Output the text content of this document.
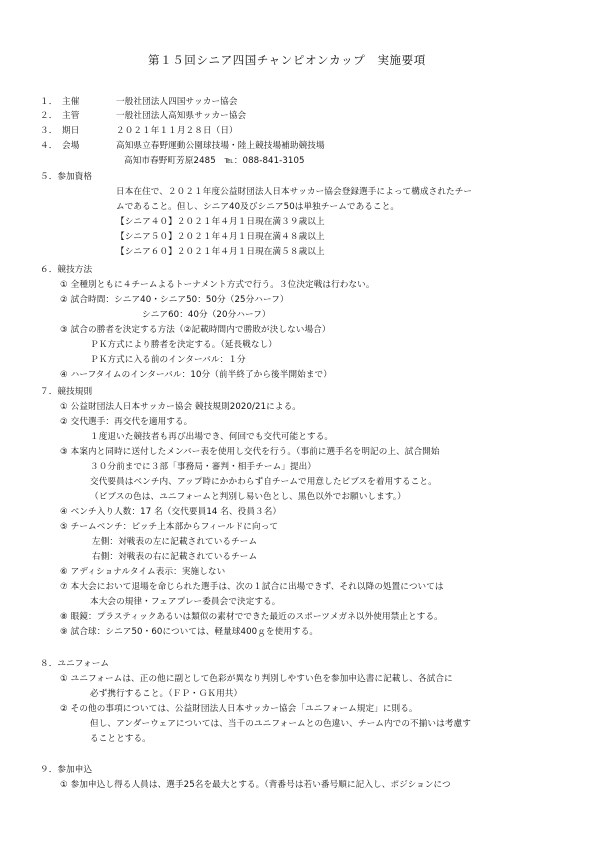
第１５回シニア四国チャンピオンカップ　実施要項
１． 主催	一般社団法人四国サッカー協会
２． 主管	一般社団法人高知県サッカー協会
３． 期日	２０２１年１１月２８日（日）
４． 会場	高知県立春野運動公園球技場・陸上競技場補助競技場
高知市春野町芳原2485　℡：088-841-3105
５．参加資格
日本在住で、２０２１年度公益財団法人日本サッカー協会登録選手によって構成されたチー
ムであること。但し、シニア40及びシニア50は単独チームであること。
【シニア４０】２０２１年４月１日現在満３９歳以上
【シニア５０】２０２１年４月１日現在満４８歳以上
【シニア６０】２０２１年４月１日現在満５８歳以上
６．競技方法
① 全種別ともに４チームよるトーナメント方式で行う。３位決定戦は行わない。
② 試合時間：シニア40・シニア50：50分（25分ハーフ）
シニア60：40分（20分ハーフ）
③ 試合の勝者を決定する方法（②記載時間内で勝敗が決しない場合）
ＰＫ方式により勝者を決定する。（延長戦なし）
ＰＫ方式に入る前のインターバル：１分
④ ハーフタイムのインターバル：10分（前半終了から後半開始まで）
７．競技規則
① 公益財団法人日本サッカー協会 競技規則2020/21による。
② 交代選手：再交代を適用する。
１度退いた競技者も再び出場でき、何回でも交代可能とする。
③ 本案内と同時に送付したメンバー表を使用し交代を行う。（事前に選手名を明記の上、試合開始
３０分前までに３部「事務局・審判・相手チーム」提出）
交代要員はベンチ内、アップ時にかかわらず自チームで用意したビブスを着用すること。
（ビブスの色は、ユニフォームと判別し易い色とし、黒色以外でお願いします。）
④ ベンチ入り人数：17 名（交代要員14 名、役員３名）
⑤ チームベンチ：ピッチ上本部からフィールドに向って
左側：対戦表の左に記載されているチーム
右側：対戦表の右に記載されているチーム
⑥ アディショナルタイム表示：実施しない
⑦ 本大会において退場を命じられた選手は、次の１試合に出場できず、それ以降の処置については
本大会の規律・フェアプレー委員会で決定する。
⑧ 眼鏡：プラスティックあるいは類似の素材でできた最近のスポーツメガネ以外使用禁止とする。
⑨ 試合球：シニア50・60については、軽量球400ｇを使用する。
８．ユニフォーム
① ユニフォームは、正の他に副として色彩が異なり判別しやすい色を参加申込書に記載し、各試合に
必ず携行すること。（ＦＰ・ＧＫ用共）
② その他の事項については、公益財団法人日本サッカー協会「ユニフォーム規定」に則る。
但し、アンダーウェアについては、当千のユニフォームとの色違い、チーム内での不揃いは考慮す
ることとする。
９．参加申込
① 参加申込し得る人員は、選手25名を最大とする。（背番号は若い番号順に記入し、ポジションにつ
